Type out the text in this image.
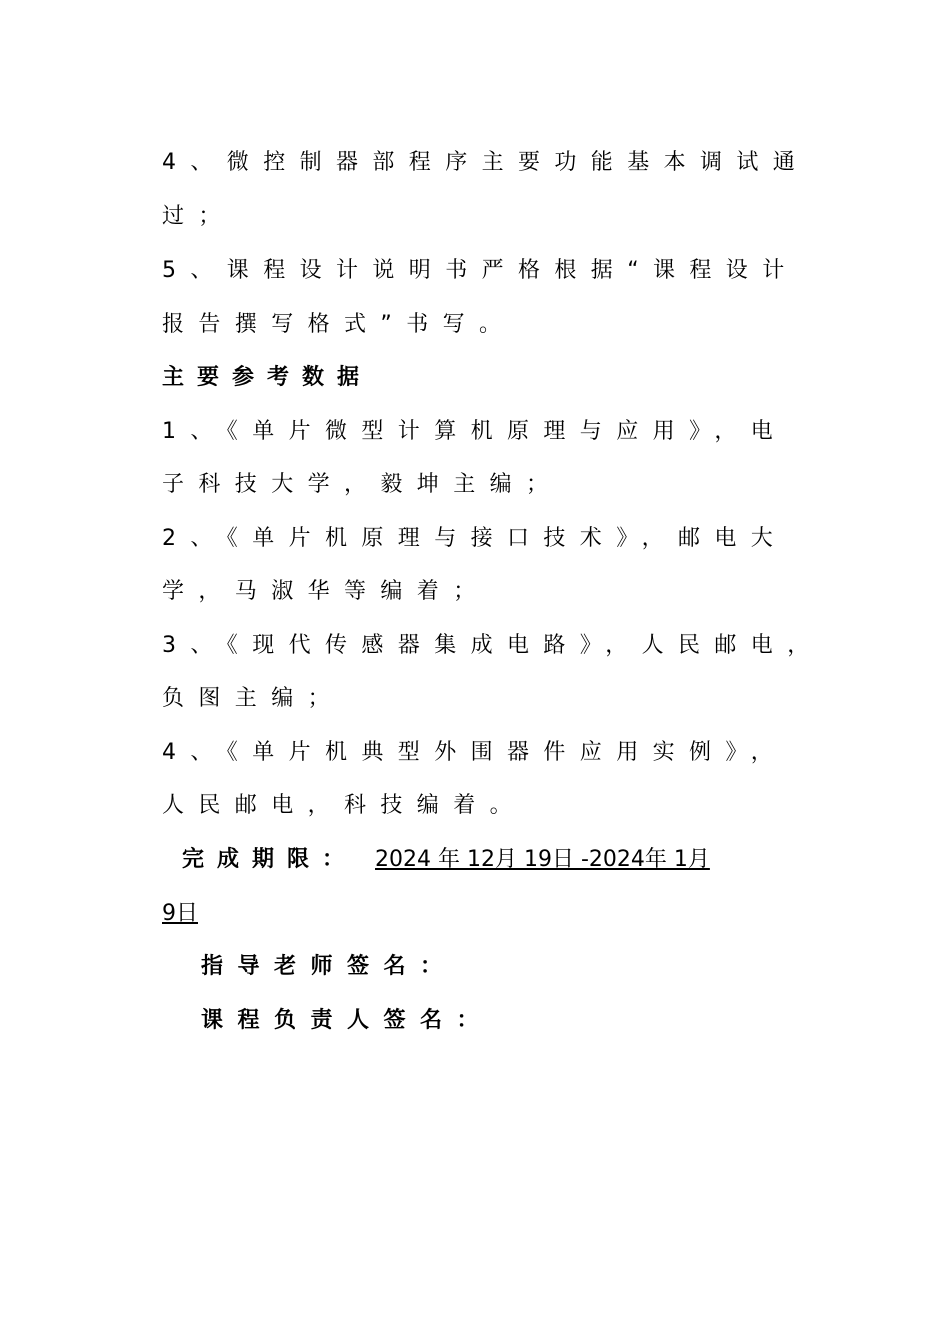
4、微控制器部程序主要功能基本调试通
过；
5、课程设计说明书严格根据“课程设计
报告撰写格式”书写。
主要参考数据
1、《单片微型计算机原理与应用》，电
子科技大学，毅坤主编；
2、《单片机原理与接口技术》，邮电大
学，马淑华等编着；
3、《现代传感器集成电路》，人民邮电，
负图主编；
4、《单片机典型外围器件应用实例》，
人民邮电，科技编着。
完成期限： 2024 年 12月 19日 -2024年 1月
9日
指导老师签名：
课程负责人签名：
